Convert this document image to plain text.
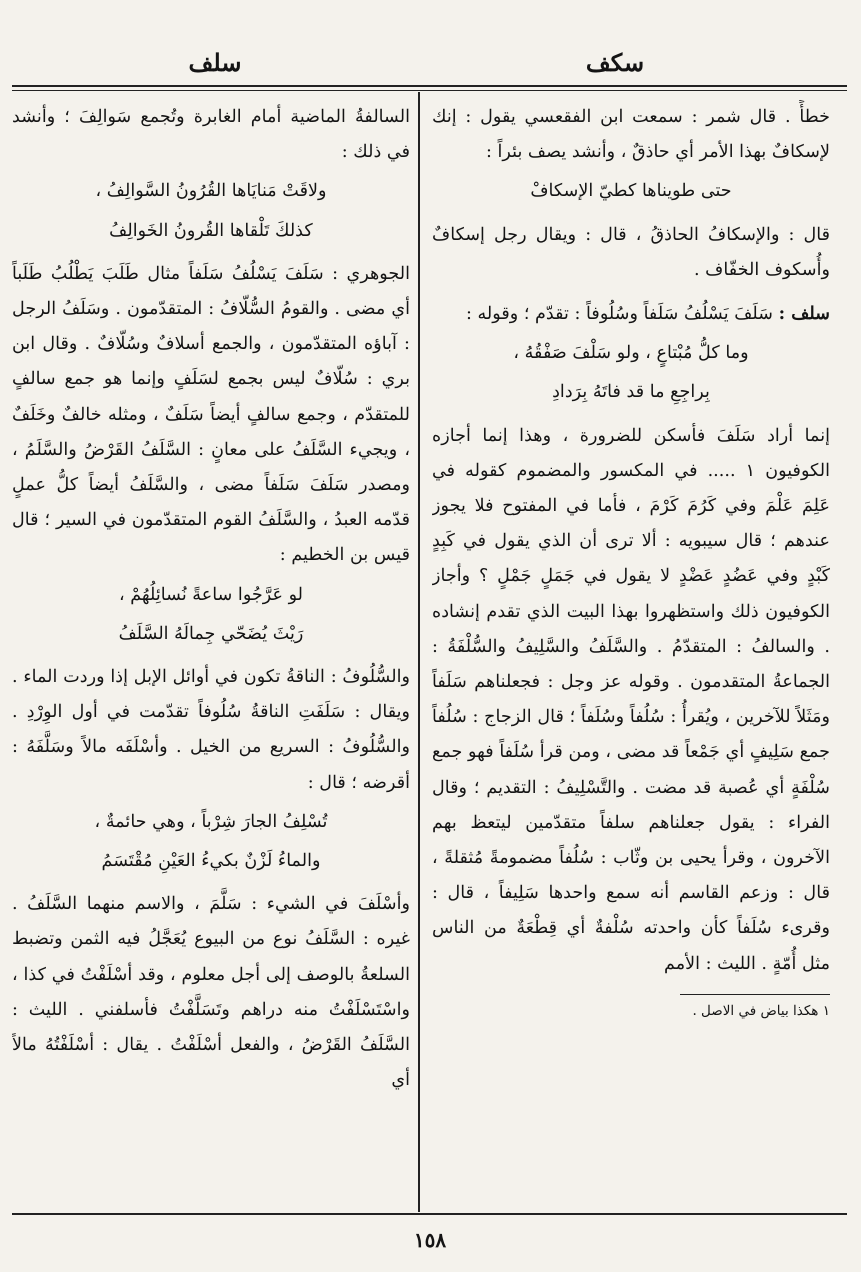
سكف
سلف

خطأً . قال شمر : سمعت ابن الفقعسي يقول : إنك لإسكافٌ بهذا الأمر أي حاذقٌ ، وأنشد يصف بئراً :

حتى طويناها كطيّ الإسكافْ

قال : والإسكافُ الحاذقُ ، قال : ويقال رجل إسكافٌ وأُسكوف الخفّاف .

سلف : سَلَفَ يَسْلُفُ سَلَفاً وسُلُوفاً : تقدّم ؛ وقوله :

وما كلُّ مُبْتاعٍ ، ولو سَلْفَ صَفْقُهُ ،

بِراجِعِ ما قد فاتَهُ بِرَدادِ

إنما أراد سَلَفَ فأسكن للضرورة ، وهذا إنما أجازه الكوفيون ١ ..... في المكسور والمضموم كقوله في عَلِمَ عَلْمَ وفي كَرُمَ كَرْمَ ، فأما في المفتوح فلا يجوز عندهم ؛ قال سيبويه : ألا ترى أن الذي يقول في كَبِدٍ كَبْدٍ وفي عَضُدٍ عَضْدٍ لا يقول في جَمَلٍ جَمْلٍ ؟ وأجاز الكوفيون ذلك واستظهروا بهذا البيت الذي تقدم إنشاده . والسالفُ : المتقدّمُ . والسَّلَفُ والسَّلِيفُ والسُّلْفَةُ : الجماعةُ المتقدمون . وقوله عز وجل : فجعلناهم سَلَفاً ومَثَلاً للآخرين ، ويُقرأُ : سُلُفاً وسُلَفاً ؛ قال الزجاج : سُلُفاً جمع سَلِيفٍ أي جَمْعاً قد مضى ، ومن قرأ سُلَفاً فهو جمع سُلْفَةٍ أي عُصبة قد مضت . والتَّسْلِيفُ : التقديم ؛ وقال الفراء : يقول جعلناهم سلفاً متقدّمين ليتعظ بهم الآخرون ، وقرأ يحيى بن وثّاب : سُلُفاً مضمومةً مُثقلةً ، قال : وزعم القاسم أنه سمع واحدها سَلِيفاً ، قال : وقرىء سُلَفاً كأن واحدته سُلْفةٌ أي قِطْعَةٌ من الناس مثل أُمّةٍ . الليث : الأمم

١ هكذا بياض في الاصل .

السالفةُ الماضية أمام الغابرة وتُجمع سَوالِفَ ؛ وأنشد في ذلك :

ولاقَتْ مَنايَاها القُرُونُ السَّوالِفُ ،

كذلكَ تَلْقاها القُرونُ الخَوالِفُ

الجوهري : سَلَفَ يَسْلُفُ سَلَفاً مثال طَلَبَ يَطْلُبُ طَلَباً أي مضى . والقومُ السُّلّافُ : المتقدّمون . وسَلَفُ الرجل : آباؤه المتقدّمون ، والجمع أسلافٌ وسُلّافٌ . وقال ابن بري : سُلّافٌ ليس بجمع لسَلَفٍ وإنما هو جمع سالفٍ للمتقدّم ، وجمع سالفٍ أيضاً سَلَفٌ ، ومثله خالفٌ وخَلَفٌ ، ويجيء السَّلَفُ على معانٍ : السَّلَفُ القَرْضُ والسَّلَمُ ، ومصدر سَلَفَ سَلَفاً مضى ، والسَّلَفُ أيضاً كلُّ عملٍ قدّمه العبدُ ، والسَّلَفُ القوم المتقدّمون في السير ؛ قال قيس بن الخطيم :

لو عَرَّجُوا ساعةً نُسائِلُهُمْ ،

رَيْثَ يُضَحّي جِمالَهُ السَّلَفُ

والسُّلُوفُ : الناقةُ تكون في أوائل الإبل إذا وردت الماء . ويقال : سَلَفَتِ الناقةُ سُلُوفاً تقدّمت في أول الوِرْدِ . والسُّلُوفُ : السريع من الخيل . وأسْلَفَه مالاً وسَلَّفَهُ : أقرضه ؛ قال :

تُسْلِفُ الجارَ شِرْباً ، وهي حائمةٌ ،

والماءُ لَزْنٌ بكيءُ العَيْنِ مُقْتَسَمُ

وأسْلَفَ في الشيء : سَلَّمَ ، والاسم منهما السَّلَفُ . غيره : السَّلَفُ نوع من البيوع يُعَجَّلُ فيه الثمن وتضبط السلعةُ بالوصف إلى أجل معلوم ، وقد أسْلَفْتُ في كذا ، واسْتَسْلَفْتُ منه دراهم وتَسَلَّفْتُ فأسلفني . الليث : السَّلَفُ القَرْضُ ، والفعل أسْلَفْتُ . يقال : أسْلَفْتُهُ مالاً أي

١٥٨
